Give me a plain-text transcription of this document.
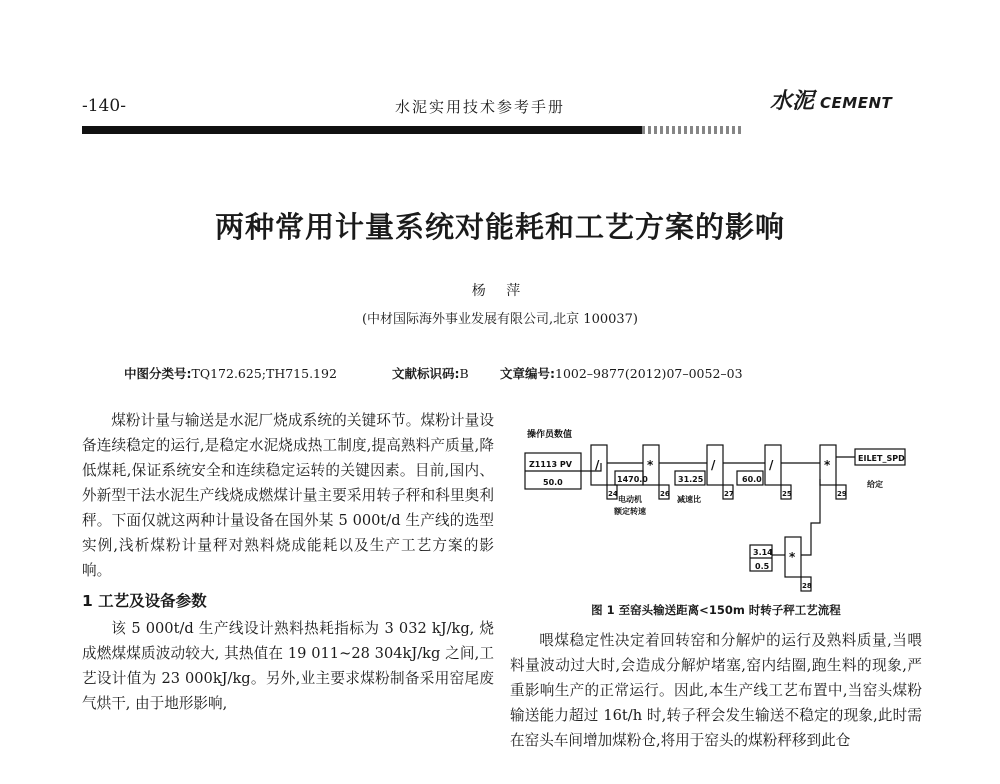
-140-	水泥实用技术参考手册	水泥 CEMENT
两种常用计量系统对能耗和工艺方案的影响
杨 萍
(中材国际海外事业发展有限公司,北京 100037)
中图分类号:TQ172.625;TH715.192	文献标识码:B	文章编号:1002–9877(2012)07–0052–03

煤粉计量与输送是水泥厂烧成系统的关键环节。煤粉计量设备连续稳定的运行,是稳定水泥烧成热工制度,提高熟料产质量,降低煤耗,保证系统安全和连续稳定运转的关键因素。目前,国内、外新型干法水泥生产线烧成燃煤计量主要采用转子秤和科里奥利秤。下面仅就这两种计量设备在国外某 5 000t/d 生产线的选型实例,浅析煤粉计量秤对熟料烧成能耗以及生产工艺方案的影响。

1 工艺及设备参数

该 5 000t/d 生产线设计熟料热耗指标为 3 032 kJ/kg, 烧成燃煤煤质波动较大, 其热值在 19 011~28 304kJ/kg 之间,工艺设计值为 23 000kJ/kg。另外,业主要求煤粉制备采用窑尾废气烘干, 由于地形影响,

操作员数值
Z1113 PV
50.0
/	*	/	/	*
*
1470.0	31.25	60.0
3.14
0.5
EILET_SPD
24	26	27	25	29
28
电动机
额定转速
减速比
给定
图 1 至窑头输送距离<150m 时转子秤工艺流程

喂煤稳定性决定着回转窑和分解炉的运行及熟料质量,当喂料量波动过大时,会造成分解炉堵塞,窑内结圈,跑生料的现象,严重影响生产的正常运行。因此,本生产线工艺布置中,当窑头煤粉输送能力超过 16t/h 时,转子秤会发生输送不稳定的现象,此时需在窑头车间增加煤粉仓,将用于窑头的煤粉秤移到此仓
